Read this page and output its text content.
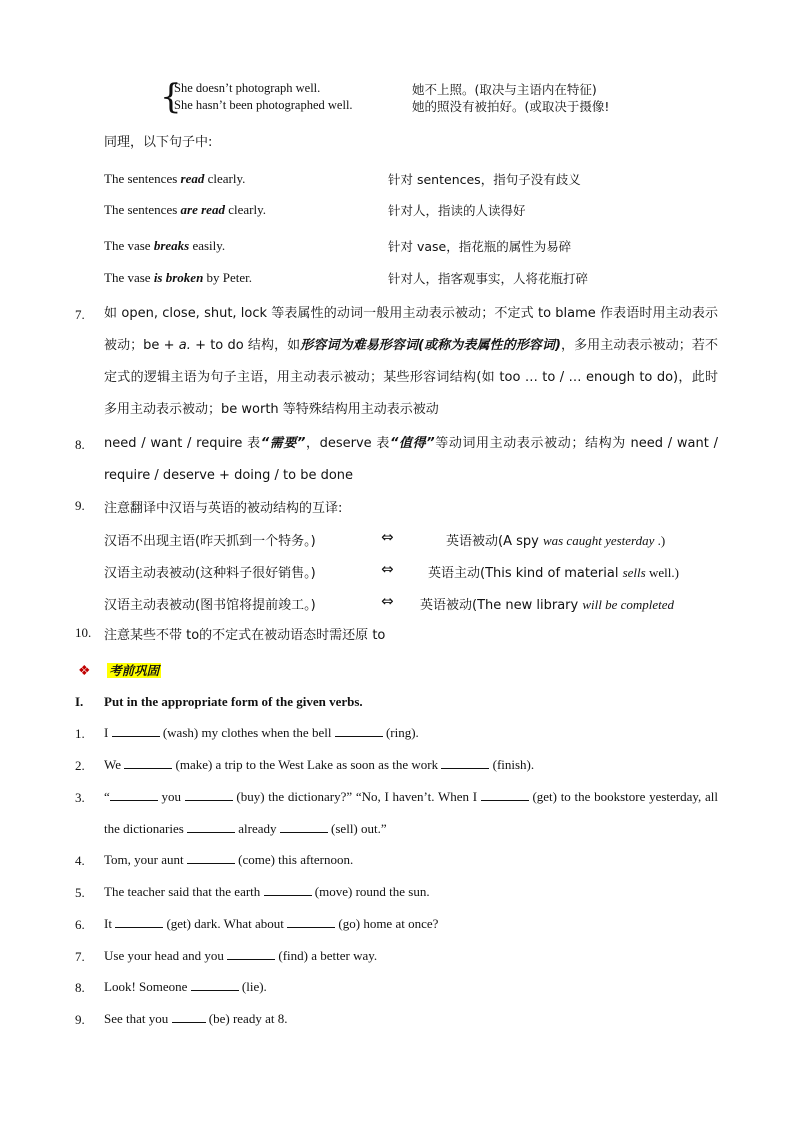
{
She doesn’t photograph well.	她不上照。(取决与主语内在特征)
She hasn’t been photographed well.	她的照没有被拍好。(或取决于摄像!
同理，以下句子中:
The sentences read clearly.	针对 sentences，指句子没有歧义
The sentences are read clearly.	针对人，指读的人读得好
The vase breaks easily.	针对 vase，指花瓶的属性为易碎
The vase is broken by Peter.	针对人，指客观事实，人将花瓶打碎
7. 如 open, close, shut, lock 等表属性的动词一般用主动表示被动；不定式 to blame 作表语时用主动表示被动；be + a. + to do 结构，如形容词为难易形容词(或称为表属性的形容词)，多用主动表示被动；若不定式的逻辑主语为句子主语，用主动表示被动；某些形容词结构(如 too … to / … enough to do)，此时多用主动表示被动；be worth 等特殊结构用主动表示被动
8. need / want / require 表“需要”，deserve 表“值得”等动词用主动表示被动；结构为 need / want / require / deserve + doing / to be done
9. 注意翻译中汉语与英语的被动结构的互译:
汉语不出现主语(昨天抓到一个特务。)	⇔	英语被动(A spy was caught yesterday .)
汉语主动表被动(这种料子很好销售。)	⇔	英语主动(This kind of material sells well.)
汉语主动表被动(图书馆将提前竣工。)	⇔ 英语被动(The new library will be completed
10. 注意某些不带 to的不定式在被动语态时需还原 to
❖ 考前巩固
I. Put in the appropriate form of the given verbs.
1. I	(wash) my clothes when the bell	(ring).
2. We	(make) a trip to the West Lake as soon as the work	(finish).
3. “	you	(buy) the dictionary?” “No, I haven’t. When I	(get) to the bookstore yesterday, all the dictionaries	already	(sell) out.”
4. Tom, your aunt	(come) this afternoon.
5. The teacher said that the earth	(move) round the sun.
6. It	(get) dark. What about	(go) home at once?
7. Use your head and you	(find) a better way.
8. Look! Someone	(lie).
9. See that you	(be) ready at 8.
